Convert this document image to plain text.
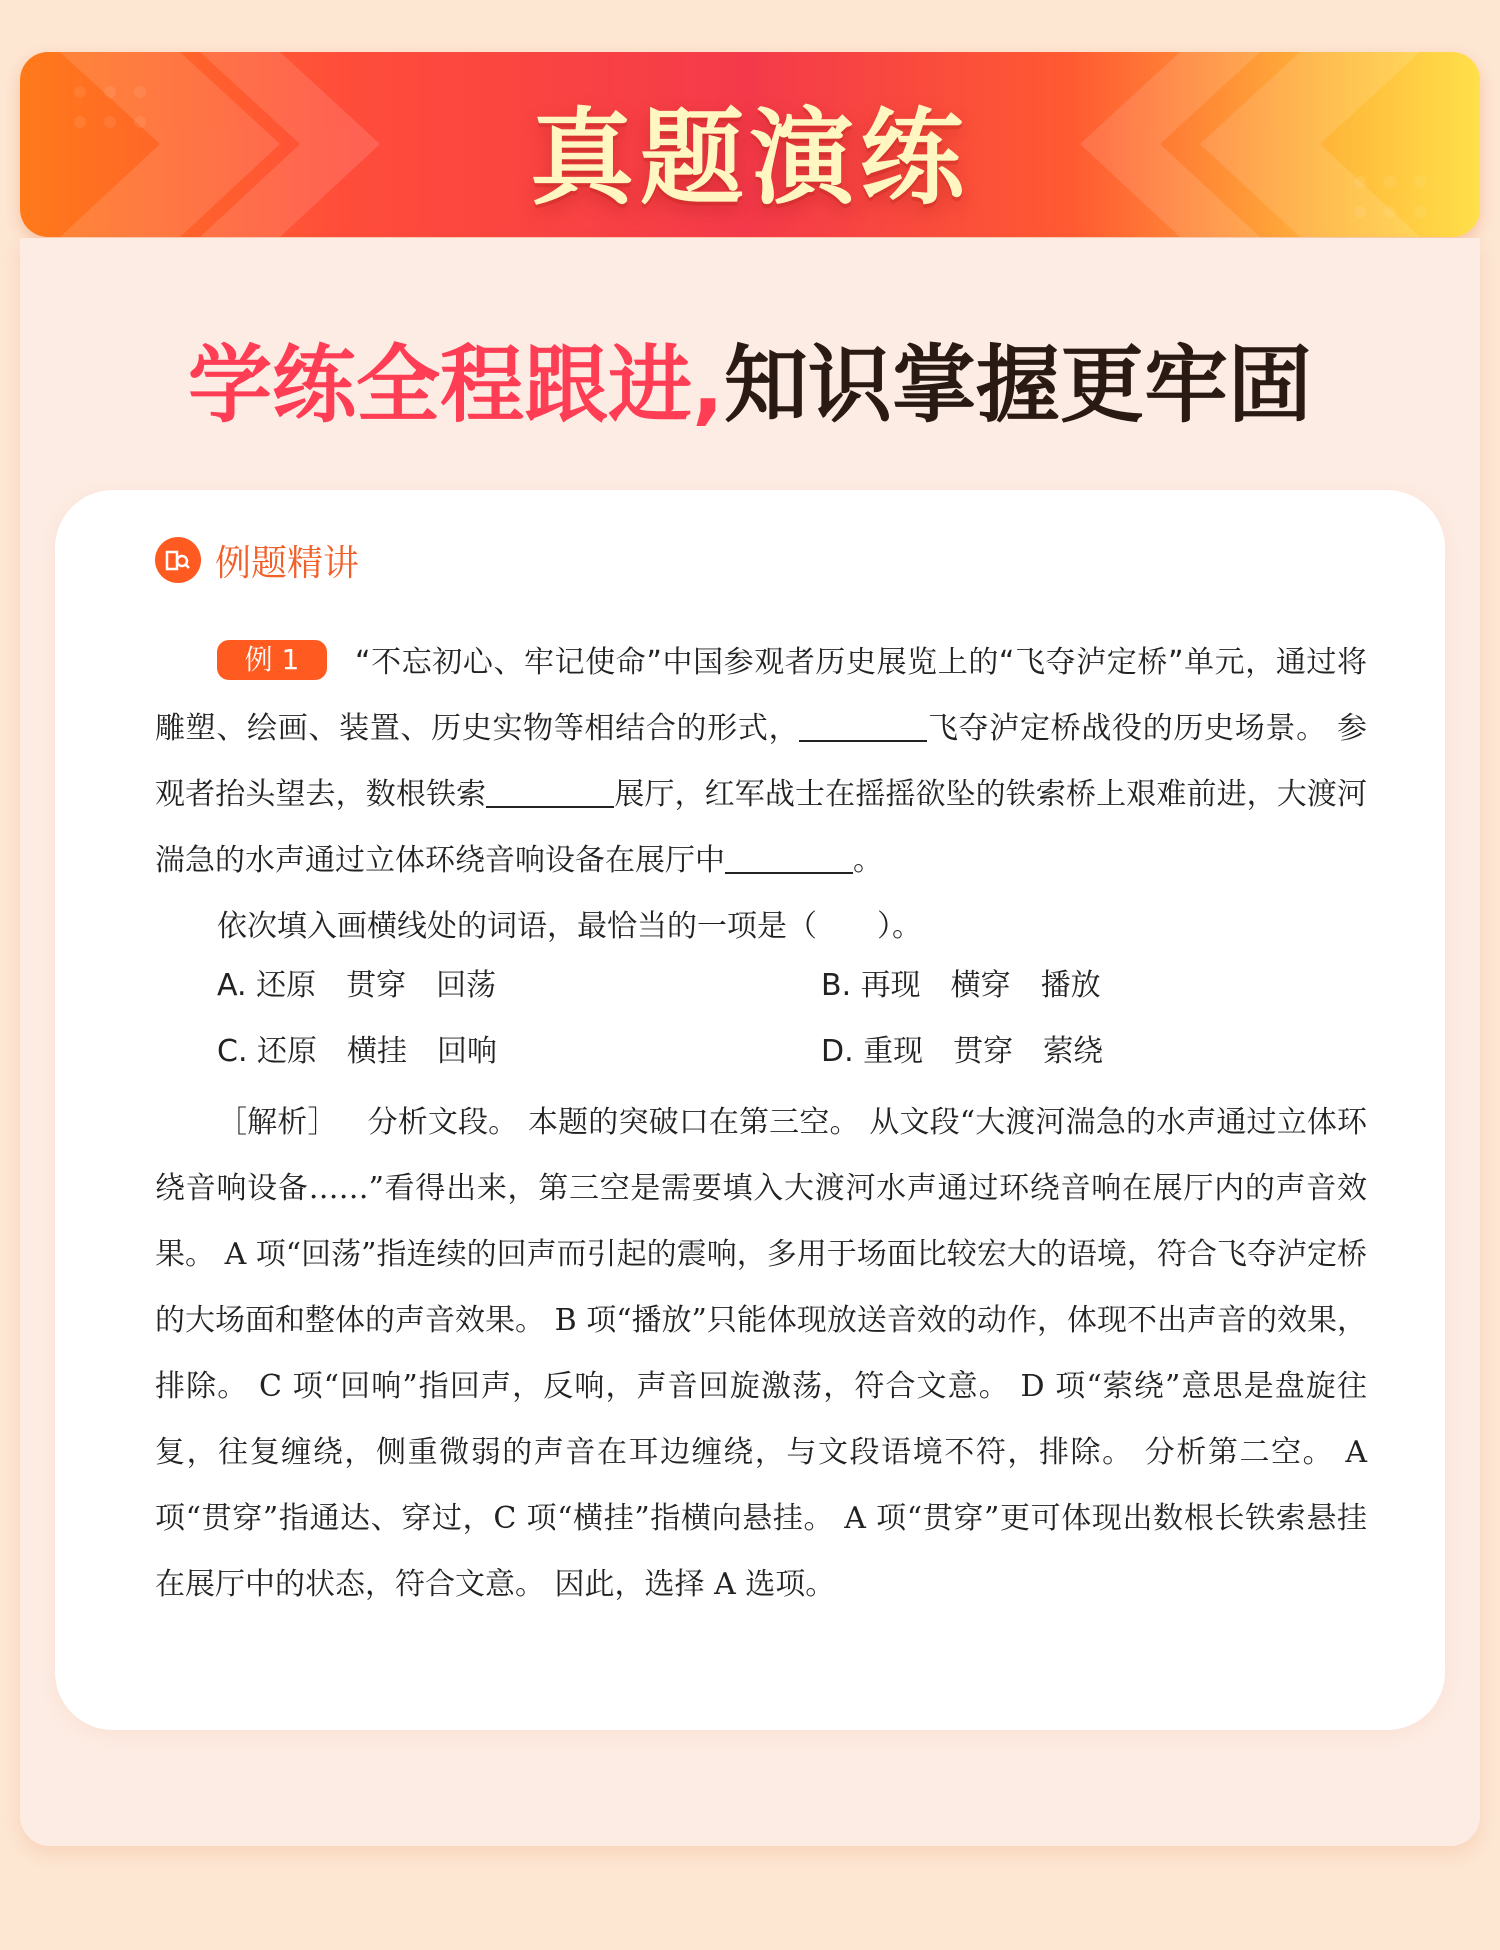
真题演练
学练全程跟进,知识掌握更牢固
例题精讲
例 1 “不忘初心、牢记使命”中国参观者历史展览上的“飞夺泸定桥”单元，通过将雕塑、绘画、装置、历史实物等相结合的形式，	飞夺泸定桥战役的历史场景。 参观者抬头望去，数根铁索	展厅，红军战士在摇摇欲坠的铁索桥上艰难前进，大渡河湍急的水声通过立体环绕音响设备在展厅中	。
依次填入画横线处的词语，最恰当的一项是（　　）。
A. 还原　贯穿　回荡	B. 再现　横穿　播放
C. 还原　横挂　回响	D. 重现　贯穿　萦绕
［解析］ 分析文段。 本题的突破口在第三空。 从文段“大渡河湍急的水声通过立体环绕音响设备……”看得出来，第三空是需要填入大渡河水声通过环绕音响在展厅内的声音效果。 A 项“回荡”指连续的回声而引起的震响，多用于场面比较宏大的语境，符合飞夺泸定桥的大场面和整体的声音效果。 B 项“播放”只能体现放送音效的动作，体现不出声音的效果，排除。 C 项“回响”指回声，反响，声音回旋激荡，符合文意。 D 项“萦绕”意思是盘旋往复，往复缠绕，侧重微弱的声音在耳边缠绕，与文段语境不符，排除。 分析第二空。 A 项“贯穿”指通达、穿过，C 项“横挂”指横向悬挂。 A 项“贯穿”更可体现出数根长铁索悬挂在展厅中的状态，符合文意。 因此，选择 A 选项。
